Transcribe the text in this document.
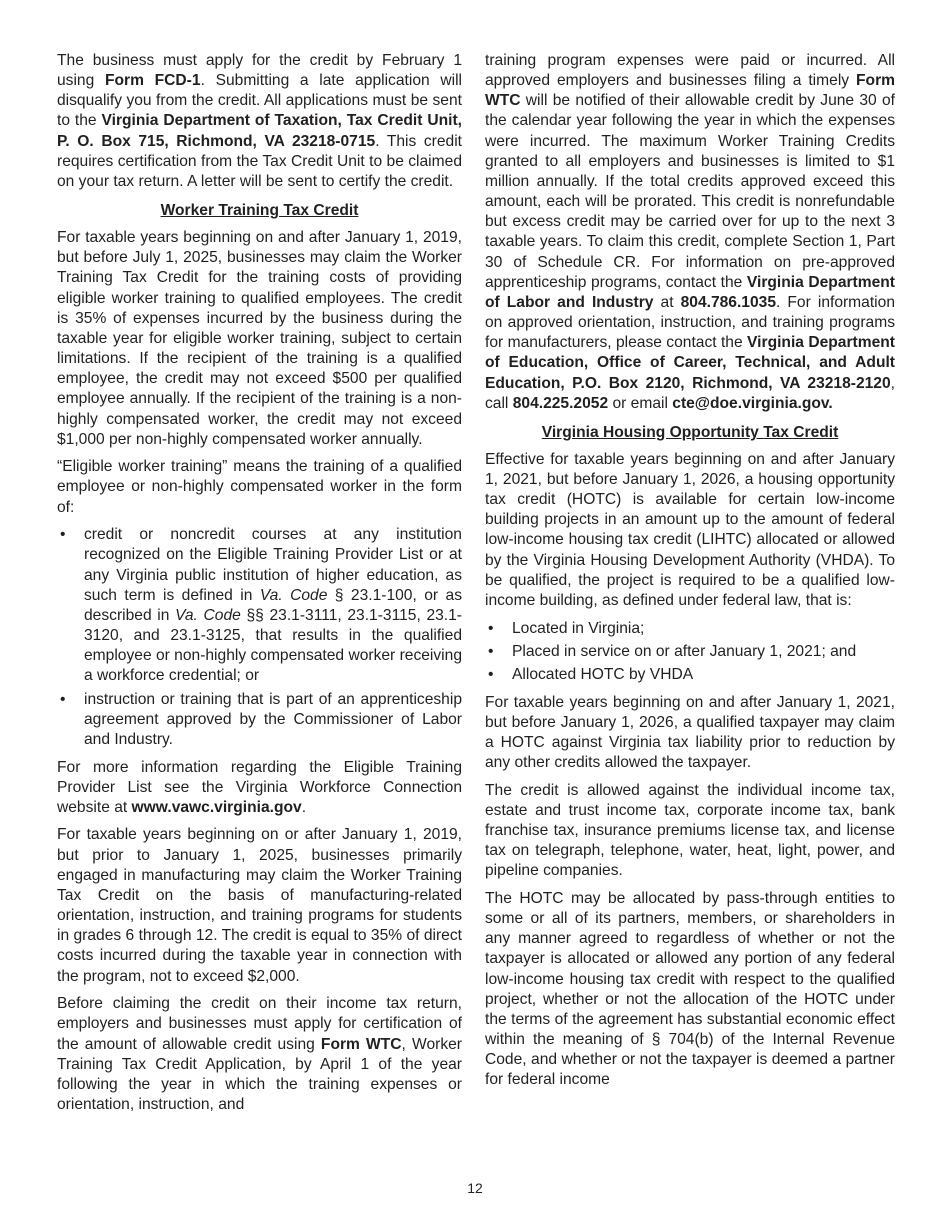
The business must apply for the credit by February 1 using Form FCD-1. Submitting a late application will disqualify you from the credit. All applications must be sent to the Virginia Department of Taxation, Tax Credit Unit, P. O. Box 715, Richmond, VA 23218-0715. This credit requires certification from the Tax Credit Unit to be claimed on your tax return. A letter will be sent to certify the credit.

Worker Training Tax Credit

For taxable years beginning on and after January 1, 2019, but before July 1, 2025, businesses may claim the Worker Training Tax Credit for the training costs of providing eligible worker training to qualified employees. The credit is 35% of expenses incurred by the business during the taxable year for eligible worker training, subject to certain limitations. If the recipient of the training is a qualified employee, the credit may not exceed $500 per qualified employee annually. If the recipient of the training is a non-highly compensated worker, the credit may not exceed $1,000 per non-highly compensated worker annually.

“Eligible worker training” means the training of a qualified employee or non-highly compensated worker in the form of:

• credit or noncredit courses at any institution recognized on the Eligible Training Provider List or at any Virginia public institution of higher education, as such term is defined in Va. Code § 23.1-100, or as described in Va. Code §§ 23.1-3111, 23.1-3115, 23.1-3120, and 23.1-3125, that results in the qualified employee or non-highly compensated worker receiving a workforce credential; or
• instruction or training that is part of an apprenticeship agreement approved by the Commissioner of Labor and Industry.

For more information regarding the Eligible Training Provider List see the Virginia Workforce Connection website at www.vawc.virginia.gov.

For taxable years beginning on or after January 1, 2019, but prior to January 1, 2025, businesses primarily engaged in manufacturing may claim the Worker Training Tax Credit on the basis of manufacturing-related orientation, instruction, and training programs for students in grades 6 through 12. The credit is equal to 35% of direct costs incurred during the taxable year in connection with the program, not to exceed $2,000.

Before claiming the credit on their income tax return, employers and businesses must apply for certification of the amount of allowable credit using Form WTC, Worker Training Tax Credit Application, by April 1 of the year following the year in which the training expenses or orientation, instruction, and

training program expenses were paid or incurred. All approved employers and businesses filing a timely Form WTC will be notified of their allowable credit by June 30 of the calendar year following the year in which the expenses were incurred. The maximum Worker Training Credits granted to all employers and businesses is limited to $1 million annually. If the total credits approved exceed this amount, each will be prorated. This credit is nonrefundable but excess credit may be carried over for up to the next 3 taxable years. To claim this credit, complete Section 1, Part 30 of Schedule CR. For information on pre-approved apprenticeship programs, contact the Virginia Department of Labor and Industry at 804.786.1035. For information on approved orientation, instruction, and training programs for manufacturers, please contact the Virginia Department of Education, Office of Career, Technical, and Adult Education, P.O. Box 2120, Richmond, VA 23218-2120, call 804.225.2052 or email cte@doe.virginia.gov.

Virginia Housing Opportunity Tax Credit

Effective for taxable years beginning on and after January 1, 2021, but before January 1, 2026, a housing opportunity tax credit (HOTC) is available for certain low-income building projects in an amount up to the amount of federal low-income housing tax credit (LIHTC) allocated or allowed by the Virginia Housing Development Authority (VHDA). To be qualified, the project is required to be a qualified low-income building, as defined under federal law, that is:

• Located in Virginia;
• Placed in service on or after January 1, 2021; and
• Allocated HOTC by VHDA

For taxable years beginning on and after January 1, 2021, but before January 1, 2026, a qualified taxpayer may claim a HOTC against Virginia tax liability prior to reduction by any other credits allowed the taxpayer.

The credit is allowed against the individual income tax, estate and trust income tax, corporate income tax, bank franchise tax, insurance premiums license tax, and license tax on telegraph, telephone, water, heat, light, power, and pipeline companies.

The HOTC may be allocated by pass-through entities to some or all of its partners, members, or shareholders in any manner agreed to regardless of whether or not the taxpayer is allocated or allowed any portion of any federal low-income housing tax credit with respect to the qualified project, whether or not the allocation of the HOTC under the terms of the agreement has substantial economic effect within the meaning of § 704(b) of the Internal Revenue Code, and whether or not the taxpayer is deemed a partner for federal income

12
